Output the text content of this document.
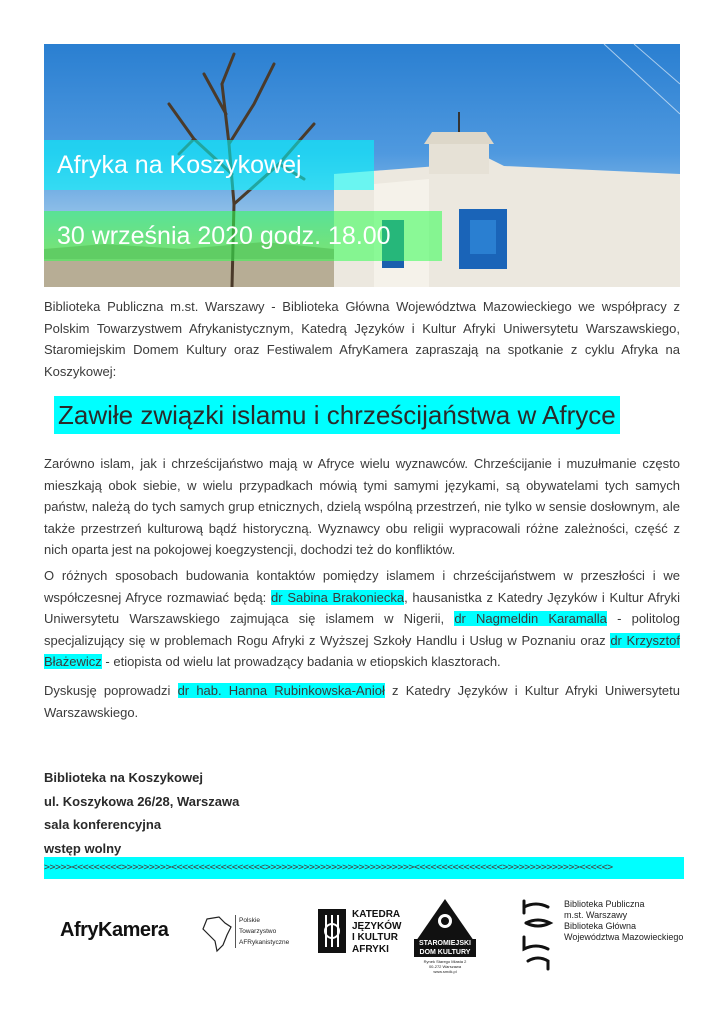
Afryka na Koszykowej
30 września 2020 godz. 18.00

Biblioteka Publiczna m.st. Warszawy - Biblioteka Główna Województwa Mazowieckiego we współpracy z Polskim Towarzystwem Afrykanistycznym, Katedrą Języków i Kultur Afryki Uniwersytetu Warszawskiego, Staromiejskim Domem Kultury oraz Festiwalem AfryKamera zapraszają na spotkanie z cyklu Afryka na Koszykowej:

Zawiłe związki islamu i chrześcijaństwa w Afryce

Zarówno islam, jak i chrześcijaństwo mają w Afryce wielu wyznawców. Chrześcijanie i muzułmanie często mieszkają obok siebie, w wielu przypadkach mówią tymi samymi językami, są obywatelami tych samych państw, należą do tych samych grup etnicznych, dzielą wspólną przestrzeń, nie tylko w sensie dosłownym, ale także przestrzeń kulturową bądź historyczną. Wyznawcy obu religii wypracowali różne zależności, część z nich oparta jest na pokojowej koegzystencji, dochodzi też do konfliktów.

O różnych sposobach budowania kontaktów pomiędzy islamem i chrześcijaństwem w przeszłości i we współczesnej Afryce rozmawiać będą: dr Sabina Brakoniecka, hausanistka z Katedry Języków i Kultur Afryki Uniwersytetu Warszawskiego zajmująca się islamem w Nigerii, dr Nagmeldin Karamalla - politolog specjalizujący się w problemach Rogu Afryki z Wyższej Szkoły Handlu i Usług w Poznaniu oraz dr Krzysztof Błażewicz - etiopista od wielu lat prowadzący badania w etiopskich klasztorach.

Dyskusję poprowadzi dr hab. Hanna Rubinkowska-Anioł z Katedry Języków i Kultur Afryki Uniwersytetu Warszawskiego.

Biblioteka na Koszykowej
ul. Koszykowa 26/28, Warszawa
sala konferencyjna
wstęp wolny
>>>>><<<<<<<<<>>>>>>>>><<<<<<<<<<<<<<<<<>>>>>>>>>>>>>>>>>>>>>>>>>>><<<<<<<<<<<<<<<<>>>>>>>>>>>>>><<<<<>
AfryKamera	Polskie
Towarzystwo
AFRykanistyczne
KATEDRA
JĘZYKÓW
I KULTUR
AFRYKI	STAROMIEJSKI
DOM KULTURY
Rynek Starego Miasta 2
00-272 Warszawa
www.smdk.pl
Biblioteka Publiczna
m.st. Warszawy
Biblioteka Główna
Województwa Mazowieckiego
